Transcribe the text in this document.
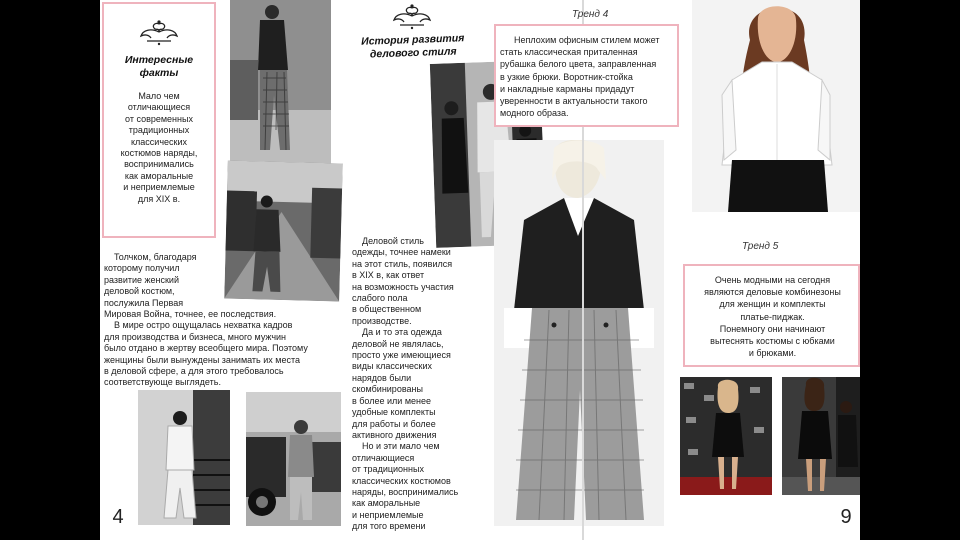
Интересные
факты
Мало чем
отличающиеся
от современных
традиционных
классических
костюмов наряды,
воспринимались
как аморальные
и неприемлемые
для XIX в.
История развития
делового стиля
Толчком, благодаря
которому получил
развитие женский
деловой костюм,
послужила Первая
Мировая Война, точнее, ее последствия.
В мире остро ощущалась нехватка кадров
для производства и бизнеса, много мужчин
было отдано в жертву всеобщего мира. Поэтому
женщины были вынуждены занимать их места
в деловой сфере, а для этого требовалось
соответствующе выглядеть.
Деловой стиль
одежды, точнее намеки
на этот стиль, появился
в XIX в, как ответ
на возможность участия
слабого пола
в общественном
производстве.
Да и то эта одежда
деловой не являлась,
просто уже имеющиеся
виды классических
нарядов были
скомбинированы
в более или менее
удобные комплекты
для работы и более
активного движения
Но и эти мало чем
отличающиеся
от традиционных
классических костюмов
наряды, воспринимались
как аморальные
и неприемлемые
для того времени
4
Тренд 4
Неплохим офисным стилем может
стать классическая приталенная
рубашка белого цвета, заправленная
в узкие брюки. Воротник-стойка
и накладные карманы придадут
уверенности в актуальности такого
модного образа.
Тренд 5
Очень модными на сегодня
являются деловые комбинезоны
для женщин и комплекты
платье-пиджак.
Понемногу они начинают
вытеснять костюмы с юбками
и брюками.
9
